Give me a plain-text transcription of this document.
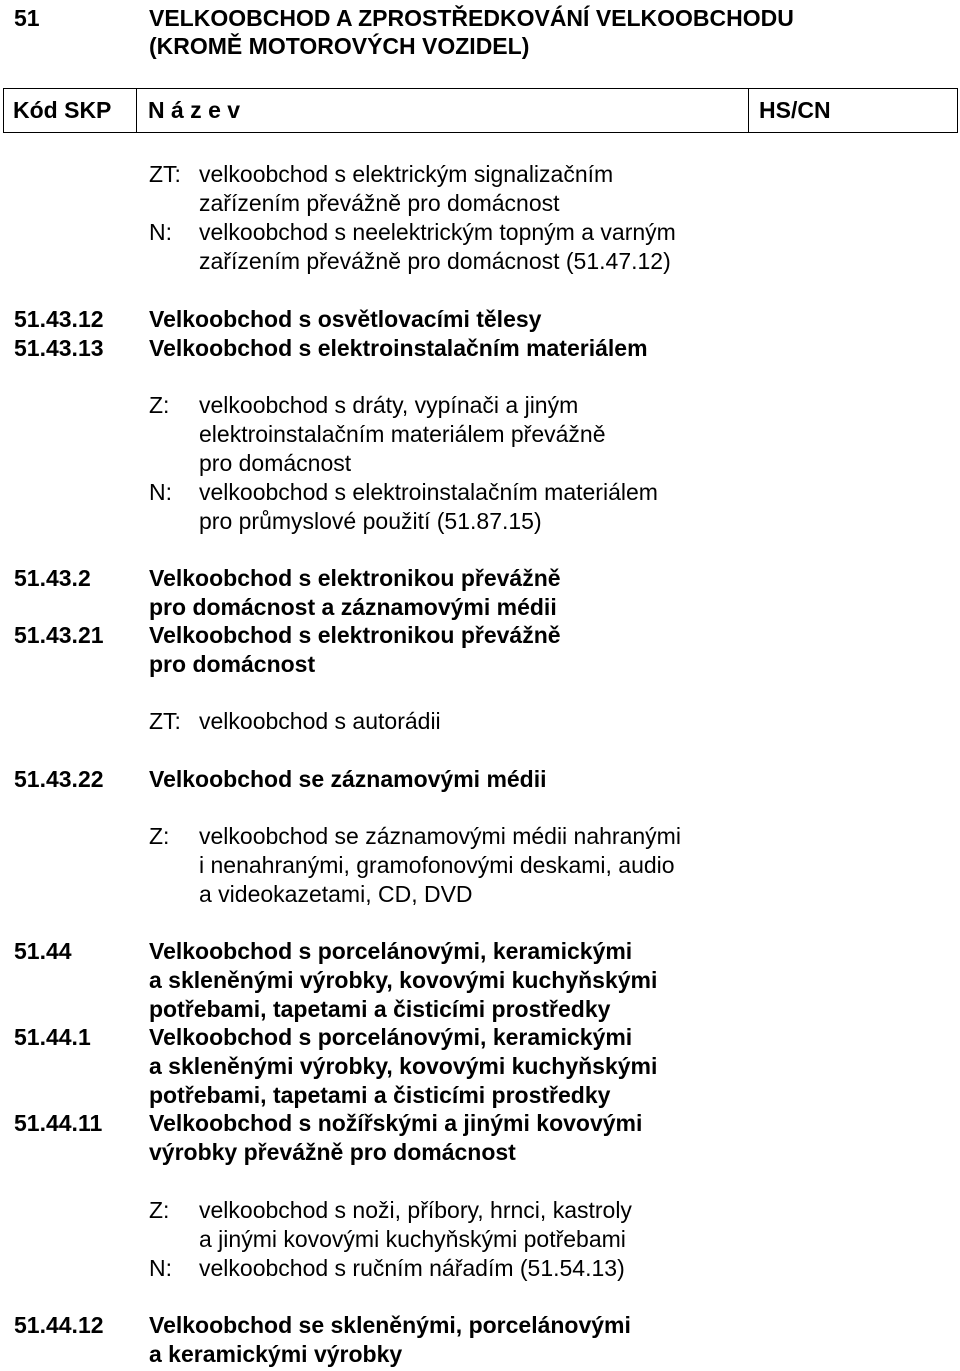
51	VELKOOBCHOD A ZPROSTŘEDKOVÁNÍ VELKOOBCHODU
(KROMĚ MOTOROVÝCH VOZIDEL)
Kód SKP N á z e v	HS/CN
ZT: velkoobchod s elektrickým signalizačním
zařízením převážně pro domácnost
N: velkoobchod s neelektrickým topným a varným
zařízením převážně pro domácnost (51.47.12)
51.43.12 Velkoobchod s osvětlovacími tělesy
51.43.13 Velkoobchod s elektroinstalačním materiálem
Z: velkoobchod s dráty, vypínači a jiným
elektroinstalačním materiálem převážně
pro domácnost
N: velkoobchod s elektroinstalačním materiálem
pro průmyslové použití (51.87.15)
51.43.2	Velkoobchod s elektronikou převážně
pro domácnost a záznamovými médii
51.43.21 Velkoobchod s elektronikou převážně
pro domácnost
ZT: velkoobchod s autorádii
51.43.22 Velkoobchod se záznamovými médii
Z: velkoobchod se záznamovými médii nahranými
i nenahranými, gramofonovými deskami, audio
a videokazetami, CD, DVD
51.44	Velkoobchod s porcelánovými, keramickými
a skleněnými výrobky, kovovými kuchyňskými
potřebami, tapetami a čisticími prostředky
51.44.1	Velkoobchod s porcelánovými, keramickými
a skleněnými výrobky, kovovými kuchyňskými
potřebami, tapetami a čisticími prostředky
51.44.11 Velkoobchod s nožířskými a jinými kovovými
výrobky převážně pro domácnost
Z: velkoobchod s noži, příbory, hrnci, kastroly
a jinými kovovými kuchyňskými potřebami
N: velkoobchod s ručním nářadím (51.54.13)
51.44.12 Velkoobchod se skleněnými, porcelánovými
a keramickými výrobky
